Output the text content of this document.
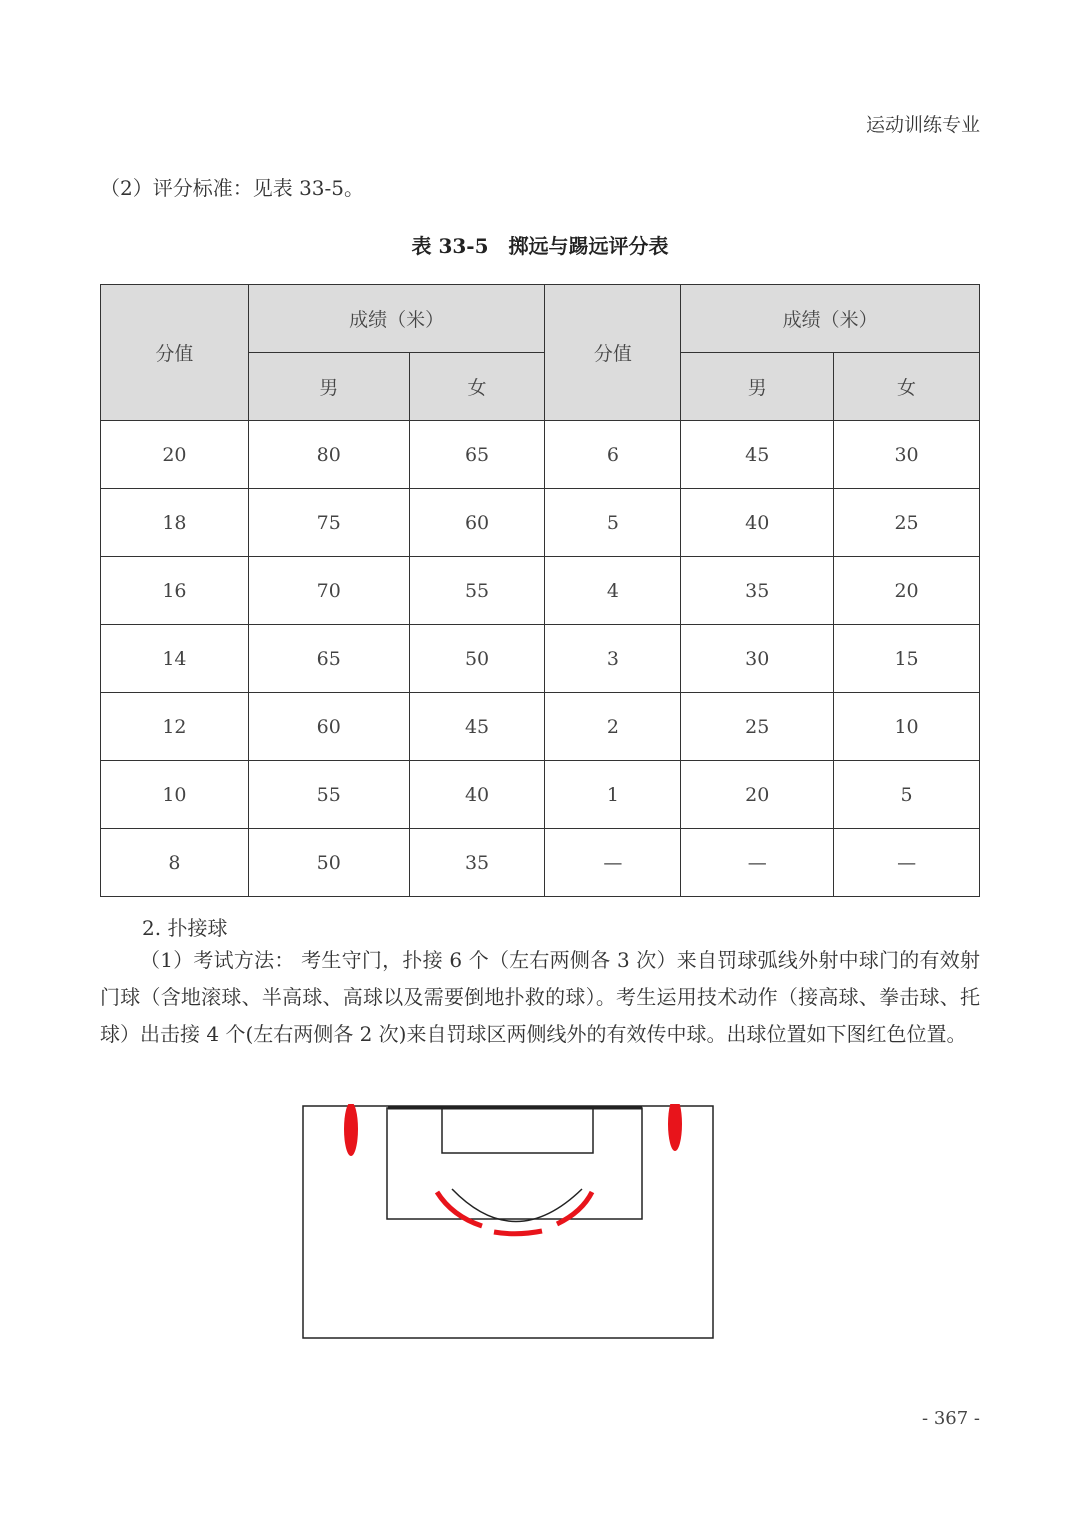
运动训练专业
（2）评分标准：见表 33-5。
表 33-5　掷远与踢远评分表
分值	成绩（米）		分值	成绩（米）	
	男	女		男	女
20	80	65	6	45	30
18	75	60	5	40	25
16	70	55	4	35	20
14	65	50	3	30	15
12	60	45	2	25	10
10	55	40	1	20	5
8	50	35	—	—	—
2. 扑接球
（1）考试方法： 考生守门，扑接 6 个（左右两侧各 3 次）来自罚球弧线外射中球门的有效射门球（含地滚球、半高球、高球以及需要倒地扑救的球）。考生运用技术动作（接高球、拳击球、托球）出击接 4 个(左右两侧各 2 次)来自罚球区两侧线外的有效传中球。出球位置如下图红色位置。
- 367 -
